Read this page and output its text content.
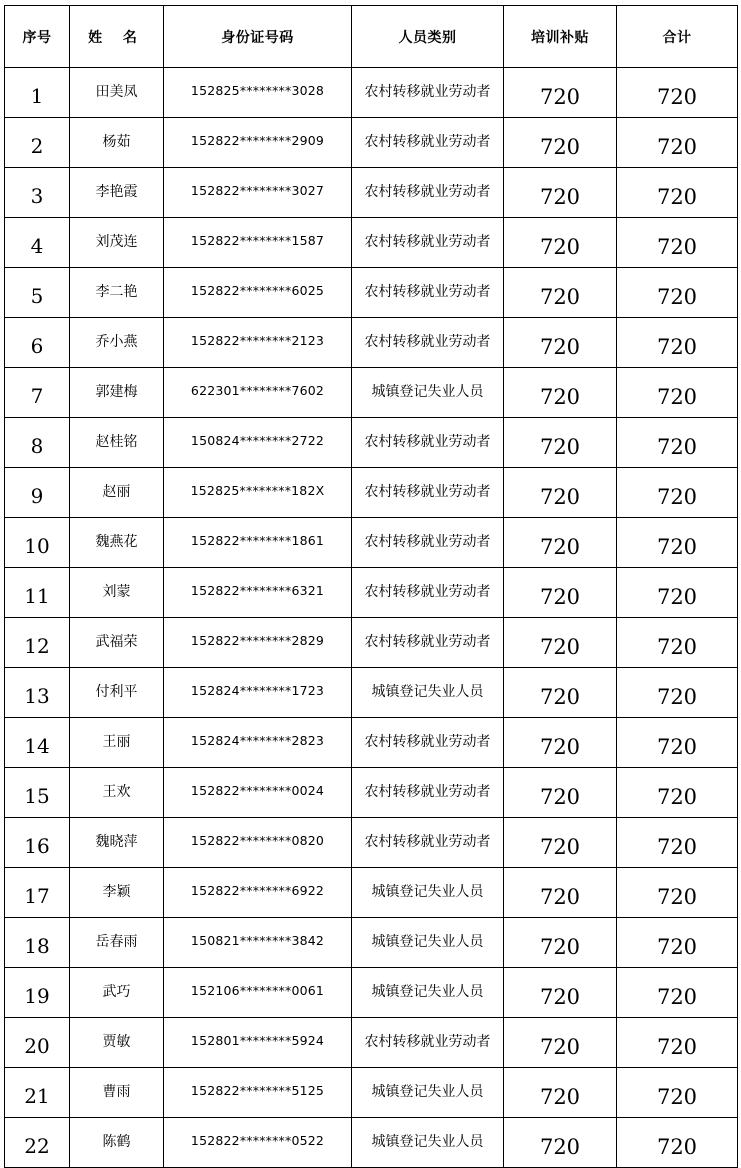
序号	姓 名	身份证号码	人员类别	培训补贴	合计
1	田美凤	152825********3028	农村转移就业劳动者	720	720
2	杨茹	152822********2909	农村转移就业劳动者	720	720
3	李艳霞	152822********3027	农村转移就业劳动者	720	720
4	刘茂连	152822********1587	农村转移就业劳动者	720	720
5	李二艳	152822********6025	农村转移就业劳动者	720	720
6	乔小燕	152822********2123	农村转移就业劳动者	720	720
7	郭建梅	622301********7602	城镇登记失业人员	720	720
8	赵桂铭	150824********2722	农村转移就业劳动者	720	720
9	赵丽	152825********182X	农村转移就业劳动者	720	720
10	魏燕花	152822********1861	农村转移就业劳动者	720	720
11	刘蒙	152822********6321	农村转移就业劳动者	720	720
12	武福荣	152822********2829	农村转移就业劳动者	720	720
13	付利平	152824********1723	城镇登记失业人员	720	720
14	王丽	152824********2823	农村转移就业劳动者	720	720
15	王欢	152822********0024	农村转移就业劳动者	720	720
16	魏晓萍	152822********0820	农村转移就业劳动者	720	720
17	李颖	152822********6922	城镇登记失业人员	720	720
18	岳春雨	150821********3842	城镇登记失业人员	720	720
19	武巧	152106********0061	城镇登记失业人员	720	720
20	贾敏	152801********5924	农村转移就业劳动者	720	720
21	曹雨	152822********5125	城镇登记失业人员	720	720
22	陈鹤	152822********0522	城镇登记失业人员	720	720
